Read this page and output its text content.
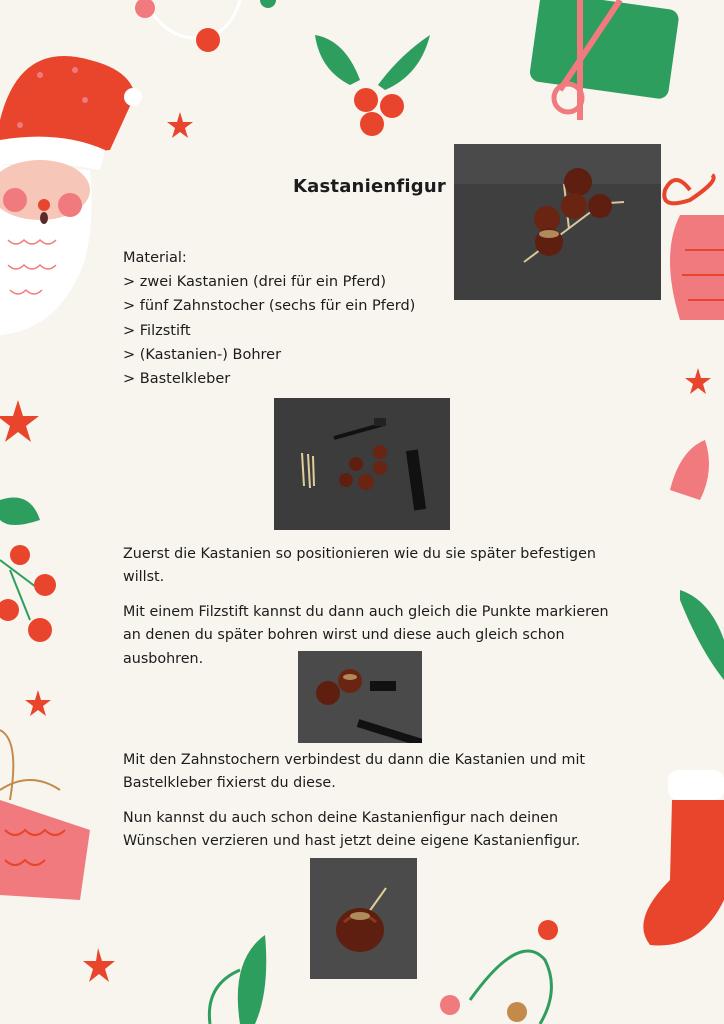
Kastanienfigur
Material:
> zwei Kastanien (drei für ein Pferd)
> fünf Zahnstocher (sechs für ein Pferd)
> Filzstift
> (Kastanien-) Bohrer
> Bastelkleber
Zuerst die Kastanien so positionieren wie du sie später befestigen willst.
Mit einem Filzstift kannst du dann auch gleich die Punkte markieren an denen du später bohren wirst und diese auch gleich schon ausbohren.
Mit den Zahnstochern verbindest du dann die Kastanien und mit Bastelkleber fixierst du diese.
Nun kannst du auch schon deine Kastanienfigur nach deinen Wünschen verzieren und hast jetzt deine eigene Kastanienfigur.
